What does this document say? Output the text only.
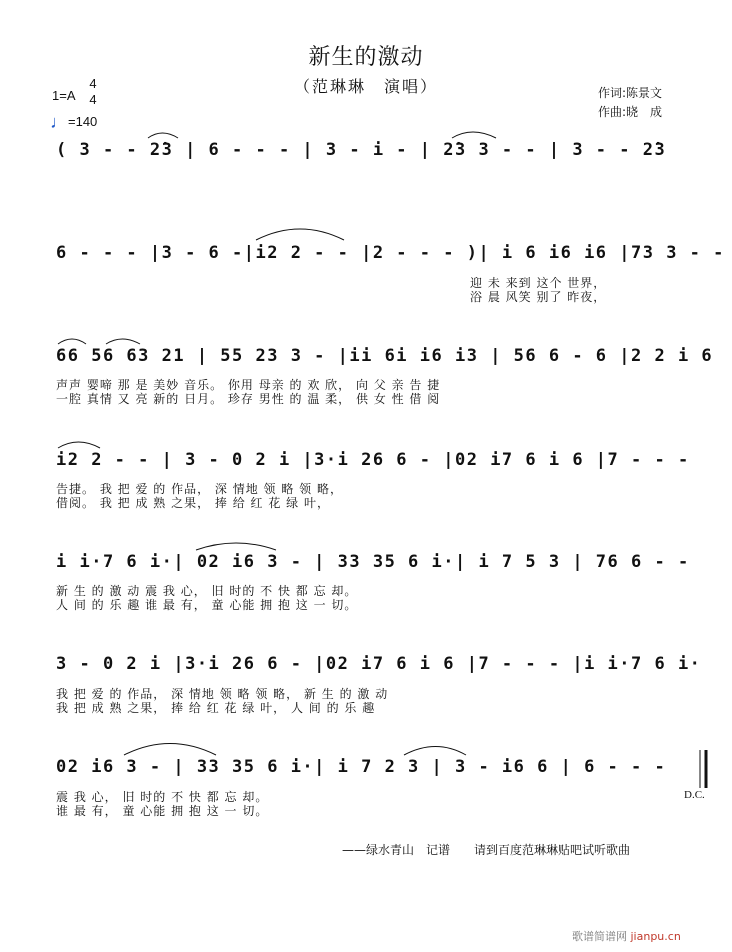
新生的激动
（范琳琳　演唱）	作词:陈景文
作曲:晓　成
1=A
4
4
♩=140
( 3 - - 2̇3 | 6 - - - | 3 - i - | 2̇3 3 - - | 3 - - 2̇3
6 - - - |3 - 6 -|i2 2 - - |2 - - - )| i 6 i6 i6 |73 3 - -
迎 未 来到 这个 世界，
浴 晨 风笑 别了 昨夜，
66 56 63 21 | 55 23 3 - |ii 6i i6 i3 | 56 6 - 6 |2 2 i 6
声声 婴啼 那 是 美妙 音乐。 你用 母亲 的 欢 欣， 向 父 亲 告 捷
一腔 真情 又 亮 新的 日月。 珍存 男性 的 温 柔， 供 女 性 借 阅
i2 2 - - | 3 - 0 2 i |3·i 26 6 - |02 i7 6 i 6 |7 - - -
告捷。 我 把 爱 的 作品， 深 情地 领 略 领 略，
借阅。 我 把 成 熟 之果， 捧 给 红 花 绿 叶，
i i·7 6 i·| 02 i6 3 - | 33 35 6 i·| i 7 5 3 | 76 6 - -
新 生 的 激 动 震 我 心， 旧 时的 不 快 都 忘 却。
人 间 的 乐 趣 谁 最 有， 童 心能 拥 抱 这 一 切。
3 - 0 2 i |3·i 26 6 - |02 i7 6 i 6 |7 - - - |i i·7 6 i·
我 把 爱 的 作品， 深 情地 领 略 领 略， 新 生 的 激 动
我 把 成 熟 之果， 捧 给 红 花 绿 叶， 人 间 的 乐 趣
02 i6 3 - | 33 35 6 i·| i 7 2 3 | 3 - i6 6 | 6 - - -
震 我 心， 旧 时的 不 快 都 忘 却。
谁 最 有， 童 心能 拥 抱 这 一 切。
D.C.
——绿水青山　记谱　　请到百度范琳琳贴吧试听歌曲
歌谱简谱网 jianpu.cn
